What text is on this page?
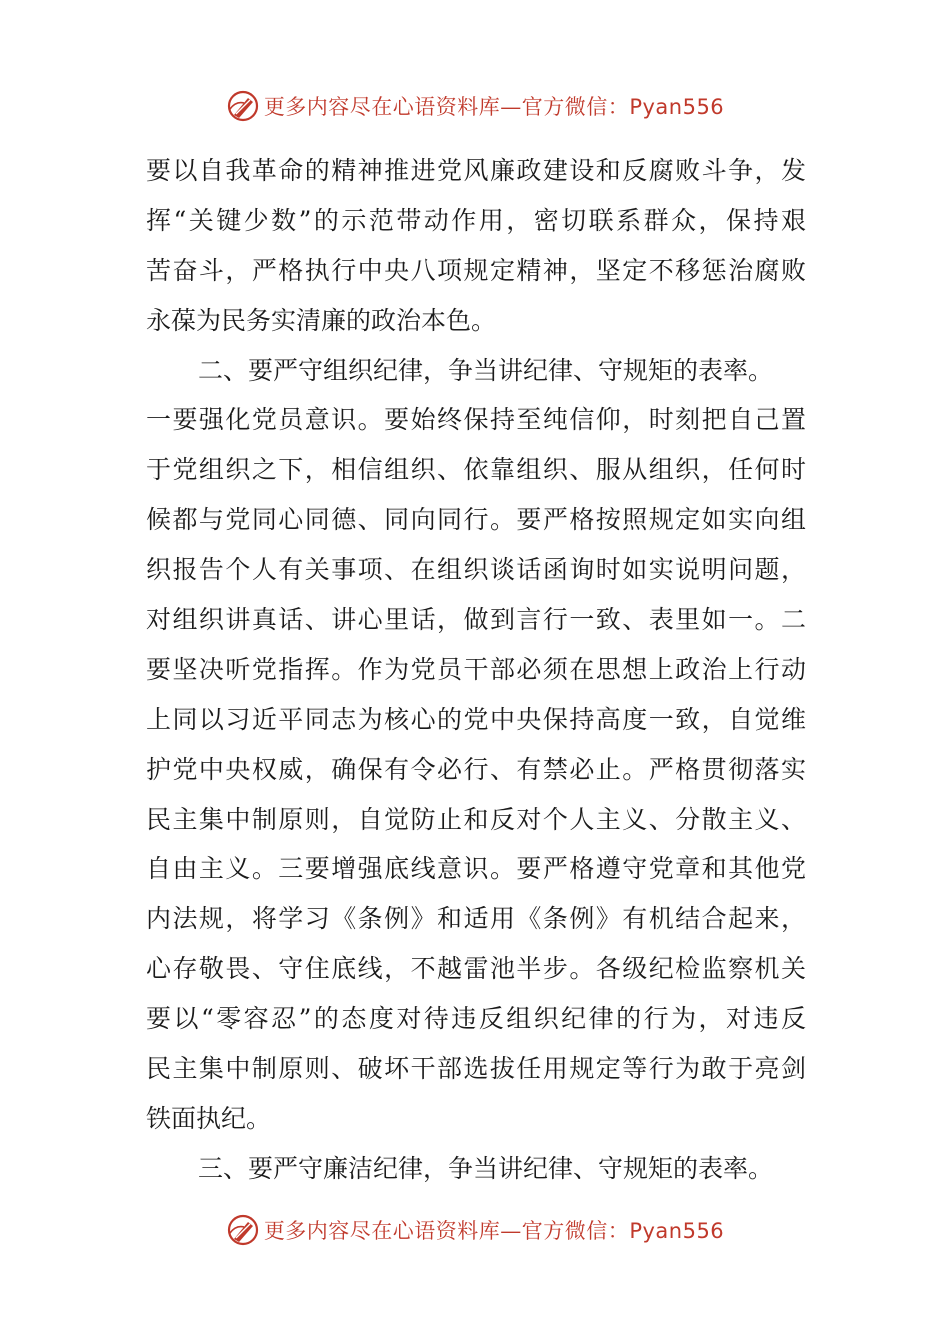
更多内容尽在心语资料库—官方微信：Pyan556
要以自我革命的精神推进党风廉政建设和反腐败斗争，发
挥“关键少数”的示范带动作用，密切联系群众，保持艰
苦奋斗，严格执行中央八项规定精神，坚定不移惩治腐败
永葆为民务实清廉的政治本色。
二、要严守组织纪律，争当讲纪律、守规矩的表率。
一要强化党员意识。要始终保持至纯信仰，时刻把自己置
于党组织之下，相信组织、依靠组织、服从组织，任何时
候都与党同心同德、同向同行。要严格按照规定如实向组
织报告个人有关事项、在组织谈话函询时如实说明问题，
对组织讲真话、讲心里话，做到言行一致、表里如一。二
要坚决听党指挥。作为党员干部必须在思想上政治上行动
上同以习近平同志为核心的党中央保持高度一致，自觉维
护党中央权威，确保有令必行、有禁必止。严格贯彻落实
民主集中制原则，自觉防止和反对个人主义、分散主义、
自由主义。三要增强底线意识。要严格遵守党章和其他党
内法规，将学习《条例》和适用《条例》有机结合起来，
心存敬畏、守住底线，不越雷池半步。各级纪检监察机关
要以“零容忍”的态度对待违反组织纪律的行为，对违反
民主集中制原则、破坏干部选拔任用规定等行为敢于亮剑
铁面执纪。
三、要严守廉洁纪律，争当讲纪律、守规矩的表率。
更多内容尽在心语资料库—官方微信：Pyan556
